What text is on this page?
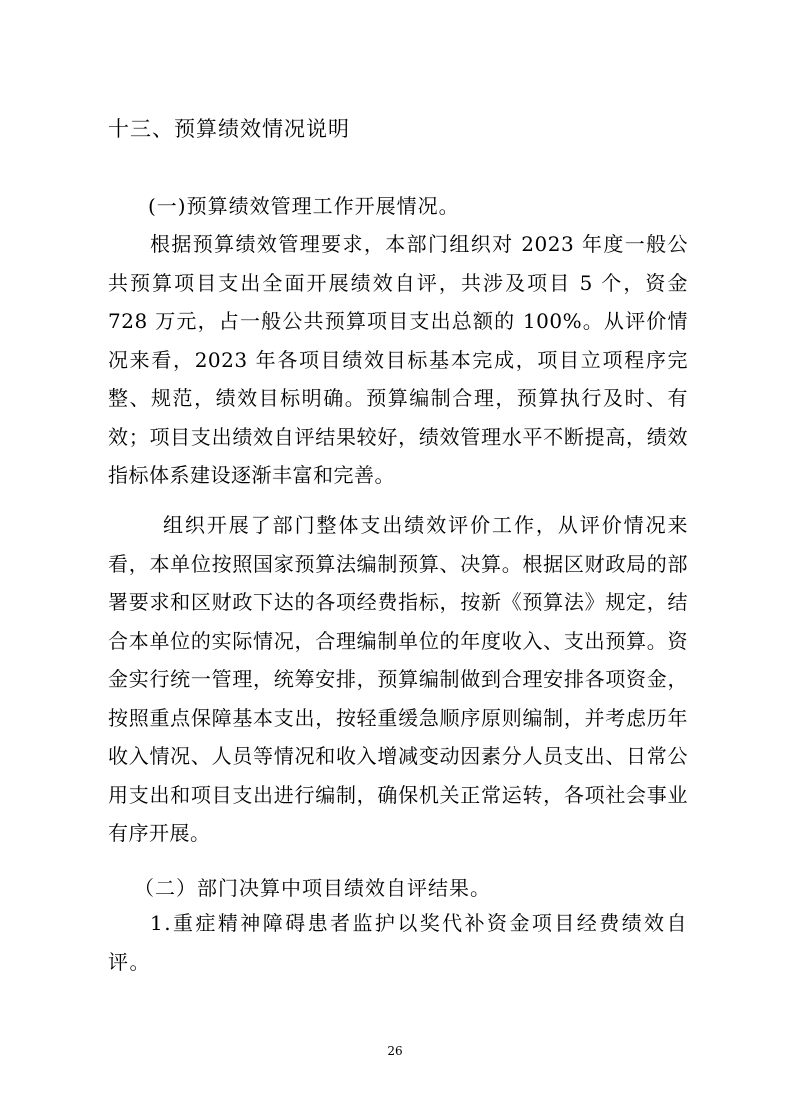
十三、预算绩效情况说明
(一)预算绩效管理工作开展情况。
根据预算绩效管理要求，本部门组织对 2023 年度一般公共预算项目支出全面开展绩效自评，共涉及项目 5 个，资金 728 万元，占一般公共预算项目支出总额的 100%。从评价情况来看，2023 年各项目绩效目标基本完成，项目立项程序完整、规范，绩效目标明确。预算编制合理，预算执行及时、有效；项目支出绩效自评结果较好，绩效管理水平不断提高，绩效指标体系建设逐渐丰富和完善。
组织开展了部门整体支出绩效评价工作，从评价情况来看，本单位按照国家预算法编制预算、决算。根据区财政局的部署要求和区财政下达的各项经费指标，按新《预算法》规定，结合本单位的实际情况，合理编制单位的年度收入、支出预算。资金实行统一管理，统筹安排，预算编制做到合理安排各项资金，按照重点保障基本支出，按轻重缓急顺序原则编制，并考虑历年收入情况、人员等情况和收入增减变动因素分人员支出、日常公用支出和项目支出进行编制，确保机关正常运转，各项社会事业有序开展。
（二）部门决算中项目绩效自评结果。
1.重症精神障碍患者监护以奖代补资金项目经费绩效自评。
26
